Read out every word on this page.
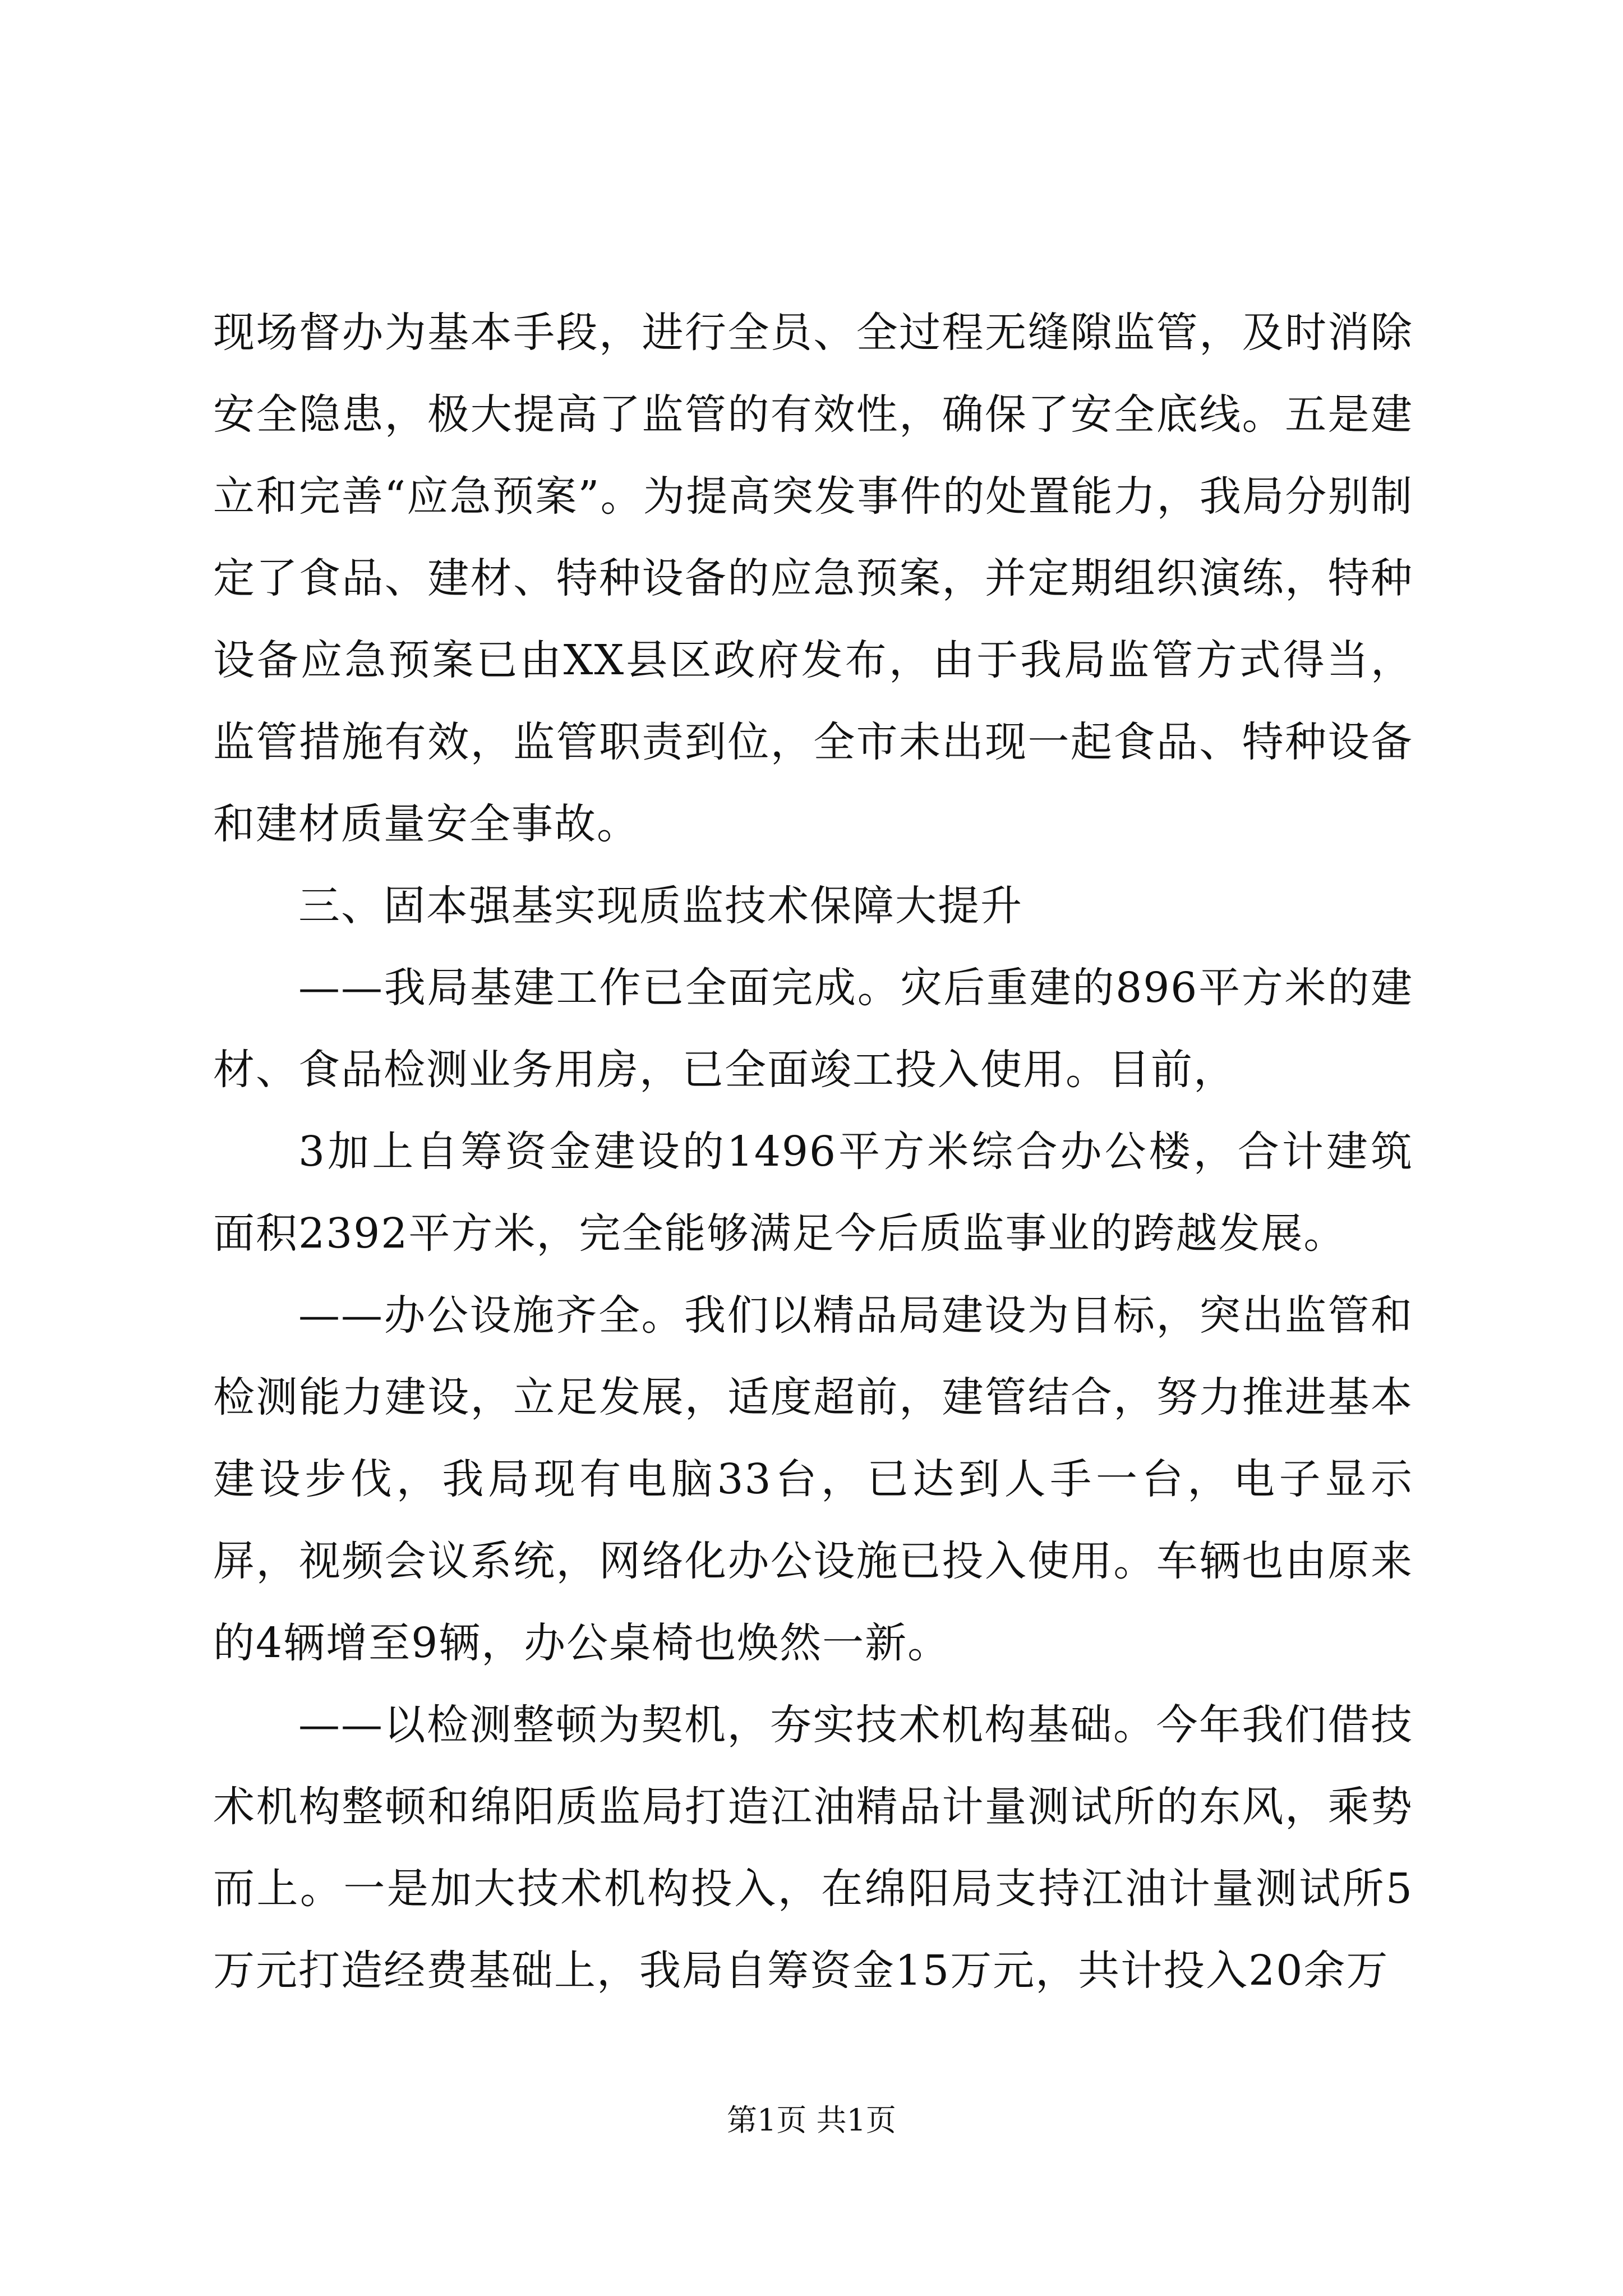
现场督办为基本手段，进行全员、全过程无缝隙监管，及时消除安全隐患，极大提高了监管的有效性，确保了安全底线。五是建立和完善“应急预案”。为提高突发事件的处置能力，我局分别制定了食品、建材、特种设备的应急预案，并定期组织演练，特种设备应急预案已由XX县区政府发布，由于我局监管方式得当，监管措施有效，监管职责到位，全市未出现一起食品、特种设备和建材质量安全事故。

三、固本强基实现质监技术保障大提升

——我局基建工作已全面完成。灾后重建的896平方米的建材、食品检测业务用房，已全面竣工投入使用。目前，

3加上自筹资金建设的1496平方米综合办公楼，合计建筑面积2392平方米，完全能够满足今后质监事业的跨越发展。

——办公设施齐全。我们以精品局建设为目标，突出监管和检测能力建设，立足发展，适度超前，建管结合，努力推进基本建设步伐，我局现有电脑33台，已达到人手一台，电子显示屏，视频会议系统，网络化办公设施已投入使用。车辆也由原来的4辆增至9辆，办公桌椅也焕然一新。

——以检测整顿为契机，夯实技术机构基础。今年我们借技术机构整顿和绵阳质监局打造江油精品计量测试所的东风，乘势而上。一是加大技术机构投入，在绵阳局支持江油计量测试所5万元打造经费基础上，我局自筹资金15万元，共计投入20余万

第1页 共1页
